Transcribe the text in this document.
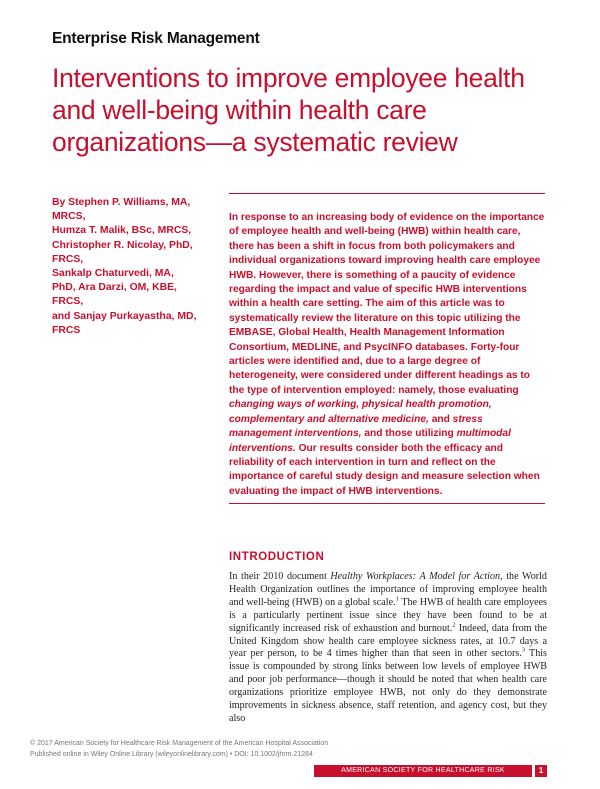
Enterprise Risk Management
Interventions to improve employee health and well-being within health care organizations—a systematic review
By Stephen P. Williams, MA,
MRCS,
Humza T. Malik, BSc, MRCS,
Christopher R. Nicolay, PhD,
FRCS,
Sankalp Chaturvedi, MA,
PhD, Ara Darzi, OM, KBE,
FRCS,
and Sanjay Purkayastha, MD,
FRCS

In response to an increasing body of evidence on the importance of employee health and well-being (HWB) within health care, there has been a shift in focus from both policymakers and individual organizations toward improving health care employee HWB. However, there is something of a paucity of evidence regarding the impact and value of specific HWB interventions within a health care setting. The aim of this article was to systematically review the literature on this topic utilizing the EMBASE, Global Health, Health Management Information Consortium, MEDLINE, and PsycINFO databases. Forty-four articles were identified and, due to a large degree of heterogeneity, were considered under different headings as to the type of intervention employed: namely, those evaluating changing ways of working, physical health promotion, complementary and alternative medicine, and stress management interventions, and those utilizing multimodal interventions. Our results consider both the efficacy and reliability of each intervention in turn and reflect on the importance of careful study design and measure selection when evaluating the impact of HWB interventions.

INTRODUCTION

In their 2010 document Healthy Workplaces: A Model for Action, the World Health Organization outlines the importance of improving employee health and well-being (HWB) on a global scale.$^1$ The HWB of health care employees is a particularly pertinent issue since they have been found to be at significantly increased risk of exhaustion and burnout.$^2$ Indeed, data from the United Kingdom show health care employee sickness rates, at 10.7 days a year per person, to be 4 times higher than that seen in other sectors.$^3$ This issue is compounded by strong links between low levels of employee HWB and poor job performance—though it should be noted that when health care organizations prioritize employee HWB, not only do they demonstrate improvements in sickness absence, staff retention, and agency cost, but they also

© 2017 American Society for Healthcare Risk Management of the American Hospital Association
Published online in Wiley Online Library (wileyonlinelibrary.com) • DOI: 10.1002/jhrm.21284
AMERICAN SOCIETY FOR HEALTHCARE RISK MANAGEMENT
1
